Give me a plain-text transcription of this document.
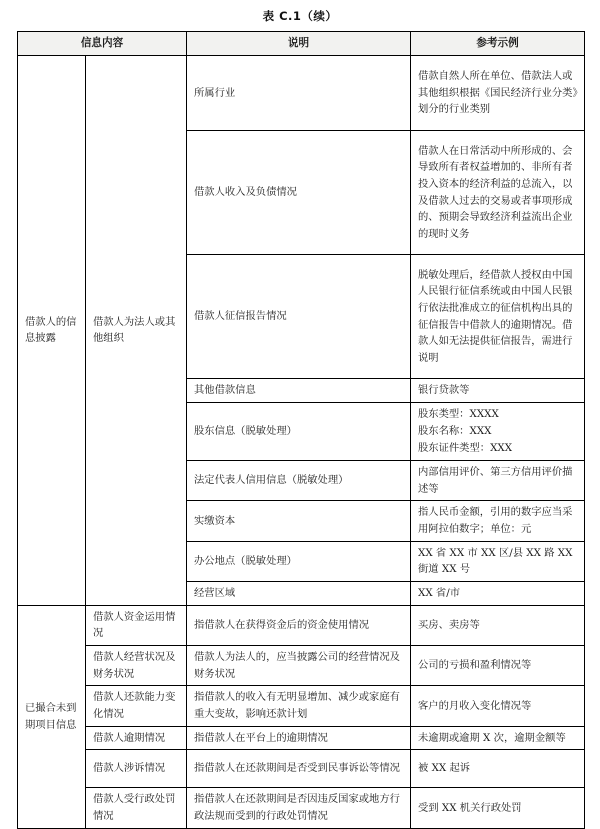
表 C.1（续）
信息内容		说明	参考示例
借款人的信息披露	借款人为法人或其他组织	所属行业	借款自然人所在单位、借款法人或其他组织根据《国民经济行业分类》划分的行业类别
		借款人收入及负债情况	借款人在日常活动中所形成的、会导致所有者权益增加的、非所有者投入资本的经济利益的总流入，以及借款人过去的交易或者事项形成的、预期会导致经济利益流出企业的现时义务
		借款人征信报告情况	脱敏处理后，经借款人授权由中国人民银行征信系统或由中国人民银行依法批准成立的征信机构出具的征信报告中借款人的逾期情况。借款人如无法提供征信报告，需进行说明
		其他借款信息	银行贷款等
		股东信息（脱敏处理）	股东类型：XXXX
股东名称：XXX
股东证件类型：XXX

		法定代表人信用信息（脱敏处理）	内部信用评价、第三方信用评价描述等
		实缴资本	指人民币金额，引用的数字应当采用阿拉伯数字；单位：元
		办公地点（脱敏处理）	XX 省 XX 市 XX 区/县 XX 路 XX 街道 XX 号
		经营区域	XX 省/市
已撮合未到期项目信息	借款人资金运用情况	指借款人在获得资金后的资金使用情况	买房、卖房等
	借款人经营状况及财务状况	借款人为法人的，应当披露公司的经营情况及财务状况	公司的亏损和盈利情况等
	借款人还款能力变化情况	指借款人的收入有无明显增加、减少或家庭有重大变故，影响还款计划	客户的月收入变化情况等
	借款人逾期情况	指借款人在平台上的逾期情况	未逾期或逾期 X 次，逾期金额等
	借款人涉诉情况	指借款人在还款期间是否受到民事诉讼等情况	被 XX 起诉
	借款人受行政处罚情况	指借款人在还款期间是否因违反国家或地方行政法规而受到的行政处罚情况	受到 XX 机关行政处罚
